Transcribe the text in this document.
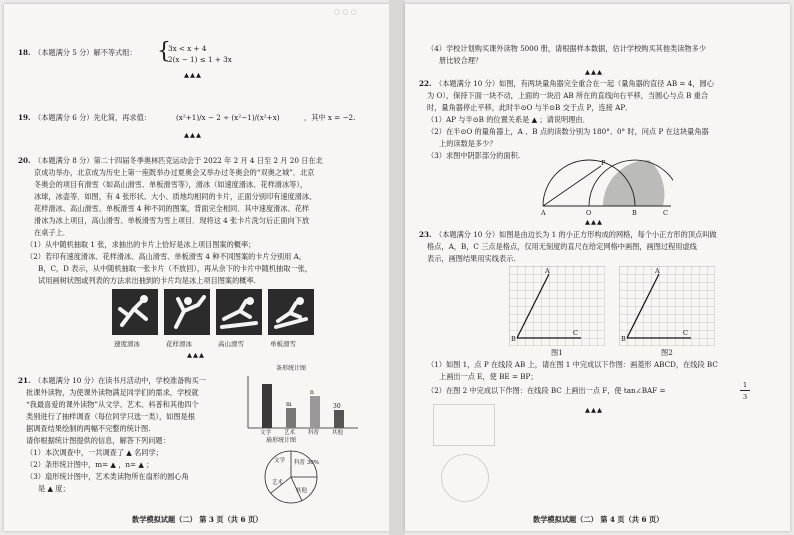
○ ○ ○
18. （本题满分 5 分）解不等式组： {
3x < x + 4
2(x − 1) ≤ 1 + 3x
▲▲▲
19. （本题满分 6 分）先化简，再求值：	(x²+1)/x − 2 ÷ (x²−1)/(x²+x)	，其中 x = −2.
▲▲▲
20. （本题满分 8 分）第二十四届冬季奥林匹克运动会于 2022 年 2 月 4 日至 2 月 20 日在北
京成功举办，北京成为历史上第一座既举办过夏奥会又举办过冬奥会的“双奥之城”．北京
冬奥会的项目有滑雪（如高山滑雪、单板滑雪等），滑冰（如速度滑冰、花样滑冰等），
冰球，冰壶等．如图，有 4 张形状、大小、质地均相同的卡片，正面分别印有速度滑冰、
花样滑冰、高山滑雪、单板滑雪 4 种不同的图案，背面完全相同．其中速度滑冰、花样
滑冰为冰上项目，高山滑雪、单板滑雪为雪上项目．现将这 4 张卡片洗匀后正面向下放
在桌子上．
（1）从中随机抽取 1 张，求抽出的卡片上恰好是冰上项目图案的概率；
（2）若印有速度滑冰、花样滑冰、高山滑雪、单板滑雪 4 种不同图案的卡片分别用 A，
B，C，D 表示，从中随机抽取一张卡片（不放回），再从余下的卡片中随机抽取一张，
试用画树状图或列表的方法求出抽到的卡片均是冰上项目图案的概率.
速度滑冰	花样滑冰	高山滑雪	单板滑雪
▲▲▲
21. （本题满分 10 分）在读书月活动中，学校准备购买一
批课外读物，为使课外读物满足同学们的需求，学校就
“我最喜爱的课外读物”从文学、艺术、科普和其他四个
类别进行了抽样调查（每位同学只选一类），如图是根
据调查结果绘制的两幅不完整的统计图.
请你根据统计图提供的信息，解答下列问题：
（1）本次调查中，一共调查了 ▲ 名同学；
（2）条形统计图中，m= ▲ ，n= ▲ ；
（3）扇形统计图中，艺术类读物所在扇形的圆心角
是 ▲ 度；
条形统计图
m
n
30
文学 艺术 科普 其他
扇形统计图
文学 科普 30%
艺术
其他
数学模拟试题（二） 第 3 页（共 6 页）
（4）学校计划购买课外读物 5000 册，请根据样本数据，估计学校购买其他类读物多少
册比较合理？
▲▲▲
22. （本题满分 10 分）如图，有两块量角器完全重合在一起（量角器的直径 AB = 4，圆心
为 O），保持下面一块不动，上面的一块沿 AB 所在的直线向右平移，当圆心与点 B 重合
时，量角器停止平移，此时半⊙O 与半⊙B 交于点 P，连接 AP．
（1）AP 与半⊙B 的位置关系是 ▲ ；请说明理由．
（2）在半⊙O 的量角器上，A 、B 点的读数分别为 180°、0° 时，问点 P 在这块量角器
上的读数是多少？
（3）求图中阴影部分的面积.
A	O	B	C
P
▲▲▲
23. （本题满分 10 分）如图是由边长为 1 的小正方形构成的网格，每个小正方形的顶点叫做
格点，A，B，C 三点是格点，仅用无刻度的直尺在给定网格中画图，画图过程用虚线
表示，画图结果用实线表示.
A
B
C
图1
A
B
C
图2
（1）如图 1，点 P 在线段 AB 上，请在图 1 中完成以下作图：画菱形 ABCD，在线段 BC
上画出一点 E，使 BE = BP；
（2）在图 2 中完成以下作图：在线段 BC 上画出一点 F，使 tan∠BAF =
1
3
▲▲▲
数学模拟试题（二） 第 4 页（共 6 页）
